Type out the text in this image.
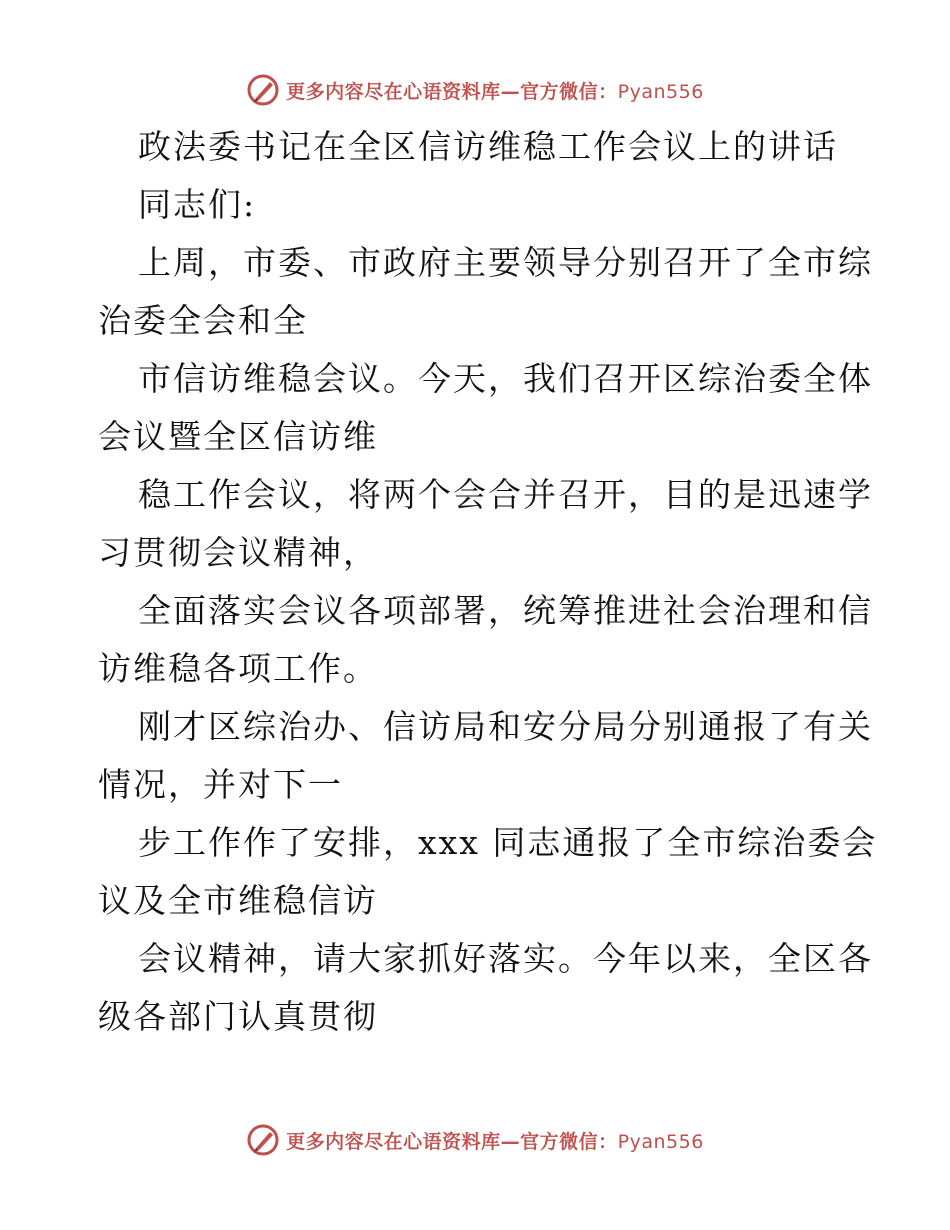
更多内容尽在心语资料库—官方微信：Pyan556
政法委书记在全区信访维稳工作会议上的讲话
同志们:
上周，市委、市政府主要领导分别召开了全市综
治委全会和全
市信访维稳会议。今天，我们召开区综治委全体
会议暨全区信访维
稳工作会议，将两个会合并召开，目的是迅速学
习贯彻会议精神，
全面落实会议各项部署，统筹推进社会治理和信
访维稳各项工作。
刚才区综治办、信访局和安分局分别通报了有关
情况，并对下一
步工作作了安排，xxx 同志通报了全市综治委会
议及全市维稳信访
会议精神，请大家抓好落实。今年以来，全区各
级各部门认真贯彻
更多内容尽在心语资料库—官方微信：Pyan556
